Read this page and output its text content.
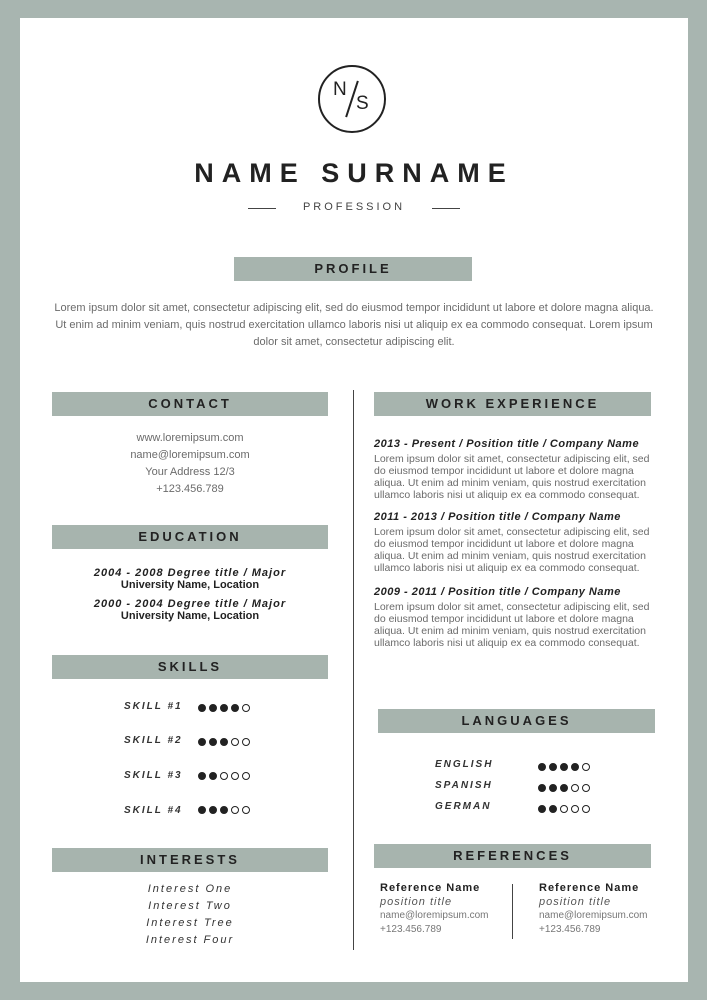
N
S
NAME SURNAME
PROFESSION
PROFILE
Lorem ipsum dolor sit amet, consectetur adipiscing elit, sed do eiusmod tempor incididunt ut labore et dolore magna aliqua. Ut enim ad minim veniam, quis nostrud exercitation ullamco laboris nisi ut aliquip ex ea commodo consequat. Lorem ipsum dolor sit amet, consectetur adipiscing elit.
CONTACT
www.loremipsum.com
name@loremipsum.com
Your Address 12/3
+123.456.789
EDUCATION
2004 - 2008 Degree title / Major
University Name, Location
2000 - 2004 Degree title / Major
University Name, Location
SKILLS
SKILL #1
SKILL #2
SKILL #3
SKILL #4
INTERESTS
Interest One
Interest Two
Interest Tree
Interest Four
WORK EXPERIENCE
2013 - Present / Position title / Company Name
Lorem ipsum dolor sit amet, consectetur adipiscing elit, sed do eiusmod tempor incididunt ut labore et dolore magna aliqua. Ut enim ad minim veniam, quis nostrud exercitation ullamco laboris nisi ut aliquip ex ea commodo consequat.
2011 - 2013 / Position title / Company Name
Lorem ipsum dolor sit amet, consectetur adipiscing elit, sed do eiusmod tempor incididunt ut labore et dolore magna aliqua. Ut enim ad minim veniam, quis nostrud exercitation ullamco laboris nisi ut aliquip ex ea commodo consequat.
2009 - 2011 / Position title / Company Name
Lorem ipsum dolor sit amet, consectetur adipiscing elit, sed do eiusmod tempor incididunt ut labore et dolore magna aliqua. Ut enim ad minim veniam, quis nostrud exercitation ullamco laboris nisi ut aliquip ex ea commodo consequat.
LANGUAGES
ENGLISH
SPANISH
GERMAN
REFERENCES
Reference Name
position title
name@loremipsum.com
+123.456.789
Reference Name
position title
name@loremipsum.com
+123.456.789
